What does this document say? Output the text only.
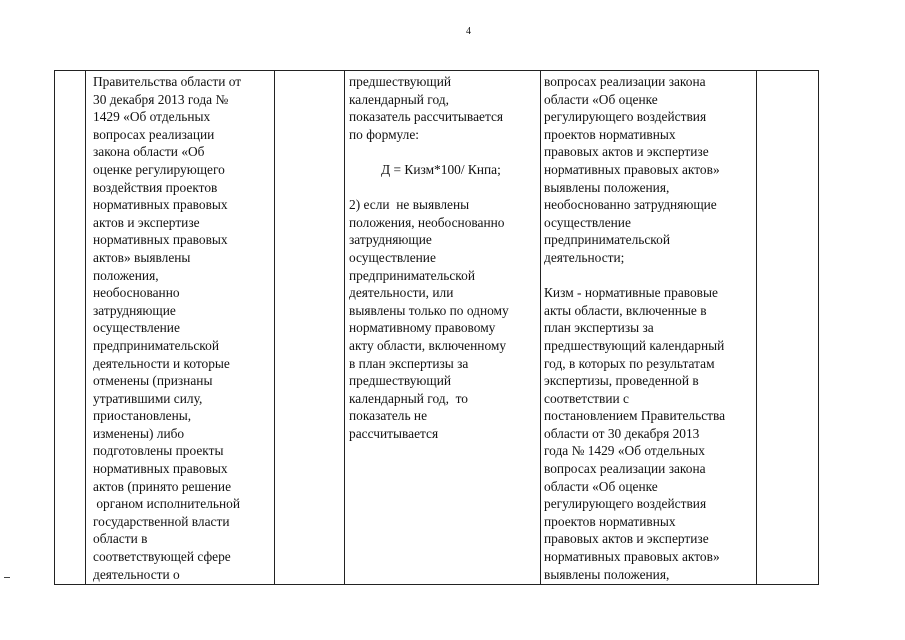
4
Правительства области от
30 декабря 2013 года №
1429 «Об отдельных
вопросах реализации
закона области «Об
оценке регулирующего
воздействия проектов
нормативных правовых
актов и экспертизе
нормативных правовых
актов» выявлены
положения,
необоснованно
затрудняющие
осуществление
предпринимательской
деятельности и которые
отменены (признаны
утратившими силу,
приостановлены,
изменены) либо
подготовлены проекты
нормативных правовых
актов (принято решение
органом исполнительной
государственной власти
области в
соответствующей сфере
деятельности о
предшествующий
календарный год,
показатель рассчитывается
по формуле:

Д = Кизм*100/ Кнпа;

2) если  не выявлены
положения, необоснованно
затрудняющие
осуществление
предпринимательской
деятельности, или
выявлены только по одному
нормативному правовому
акту области, включенному
в план экспертизы за
предшествующий
календарный год,  то
показатель не
рассчитывается
вопросах реализации закона
области «Об оценке
регулирующего воздействия
проектов нормативных
правовых актов и экспертизе
нормативных правовых актов»
выявлены положения,
необоснованно затрудняющие
осуществление
предпринимательской
деятельности;

Кизм - нормативные правовые
акты области, включенные в
план экспертизы за
предшествующий календарный
год, в которых по результатам
экспертизы, проведенной в
соответствии с
постановлением Правительства
области от 30 декабря 2013
года № 1429 «Об отдельных
вопросах реализации закона
области «Об оценке
регулирующего воздействия
проектов нормативных
правовых актов и экспертизе
нормативных правовых актов»
выявлены положения,
